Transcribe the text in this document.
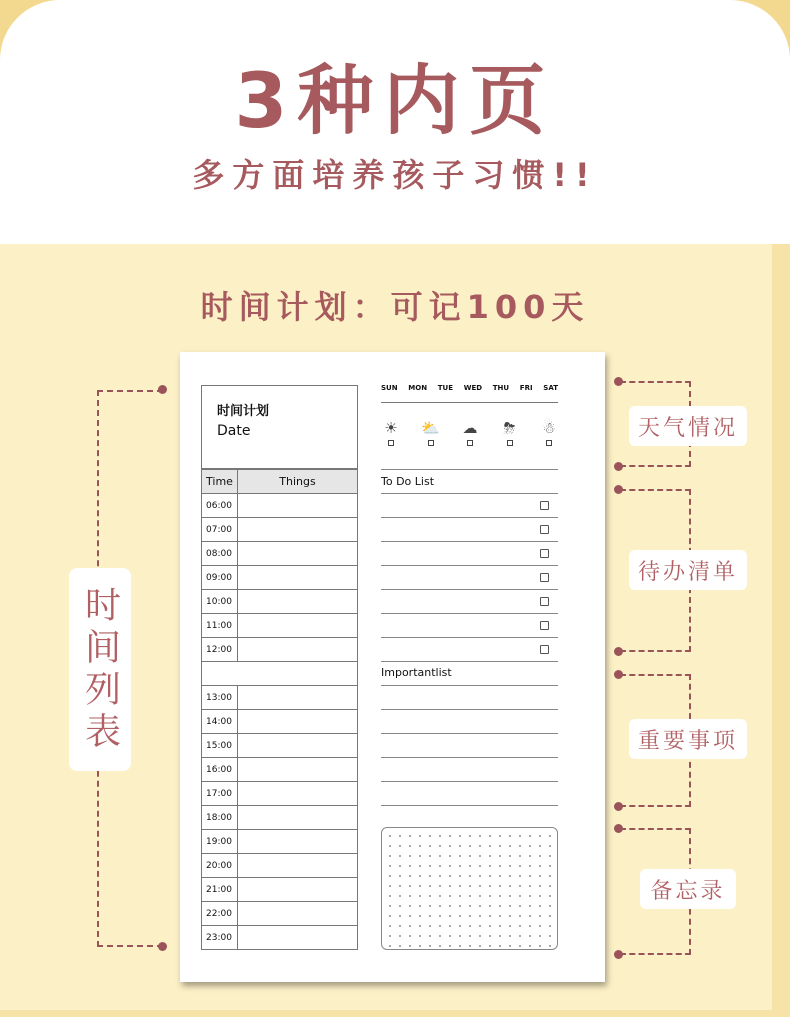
3种内页
多方面培养孩子习惯!!
时间计划：可记100天
时间列表
天气情况
待办清单
重要事项
备忘录
时间计划
Date
Time	Things
06:00	
07:00	
08:00	
09:00	
10:00	
11:00	
12:00	

13:00	
14:00	
15:00	
16:00	
17:00	
18:00	
19:00	
20:00	
21:00	
22:00	
23:00	
SUN MON TUE WED THU FRI SAT
☀ ⛅ ☁	⛈	☃
To Do List
Importantlist
